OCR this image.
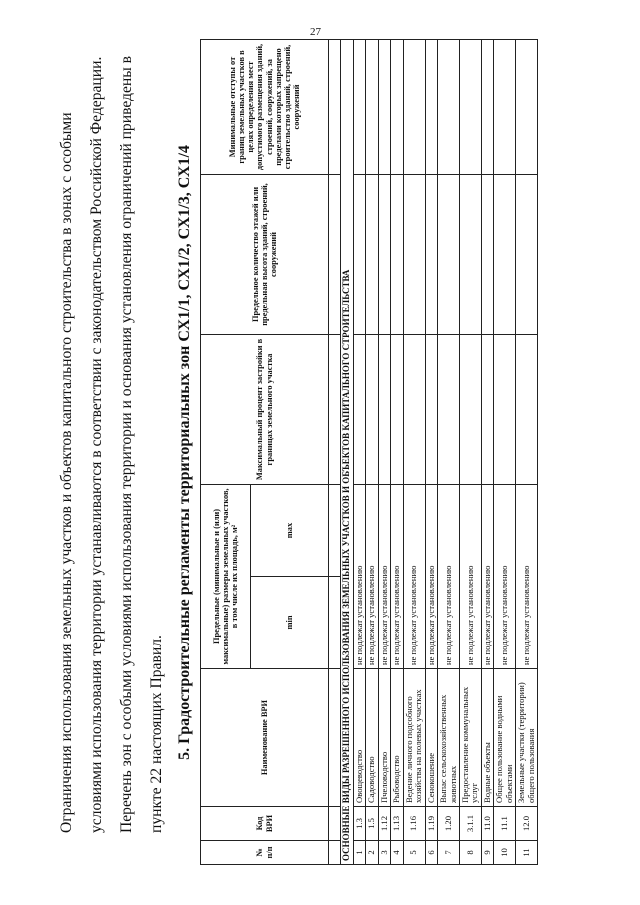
27
Ограничения использования земельных участков и объектов капитального строительства в зонах с особыми условиями использования территории устанавливаются в соответствии с законодательством Российской Федерации. Перечень зон с особыми условиями использования территории и основания установления ограничений приведены в пункте 22 настоящих Правил. 5. Градостроительные регламенты территориальных зон СХ1/1, СХ1/2, СХ1/3, СХ1/4
№ п/п	Код ВРИ	Наименование ВРИ	Предельные (минимальные и (или) максимальные) размеры земельных участков, в том числе их площадь, м²		Максимальный процент застройки в границах земельного участка	Предельное количество этажей или предельная высота зданий, строений, сооружений	Минимальные отступы от границ земельных участков в целях определения мест допустимого размещения зданий, строений, сооружений, за пределами которых запрещено строительство зданий, строений, сооружений
			min	max			

ОСНОВНЫЕ ВИДЫ РАЗРЕШЕННОГО ИСПОЛЬЗОВАНИЯ ЗЕМЕЛЬНЫХ УЧАСТКОВ И ОБЪЕКТОВ КАПИТАЛЬНОГО СТРОИТЕЛЬСТВА							
1	1.3	Овощеводство	не подлежат установлению				
2	1.5	Садоводство	не подлежат установлению				
3	1.12	Пчеловодство	не подлежат установлению				
4	1.13	Рыбоводство	не подлежат установлению				
5	1.16	Ведение личного подсобного хозяйства на полевых участках	не подлежат установлению				
6	1.19	Сенокошение	не подлежат установлению				
7	1.20	Выпас сельскохозяйственных животных	не подлежат установлению				
8	3.1.1	Предоставление коммунальных услуг	не подлежат установлению				
9	11.0	Водные объекты	не подлежат установлению				
10	11.1	Общее пользование водными объектами	не подлежат установлению				
11	12.0	Земельные участки (территории) общего пользования	не подлежат установлению				
